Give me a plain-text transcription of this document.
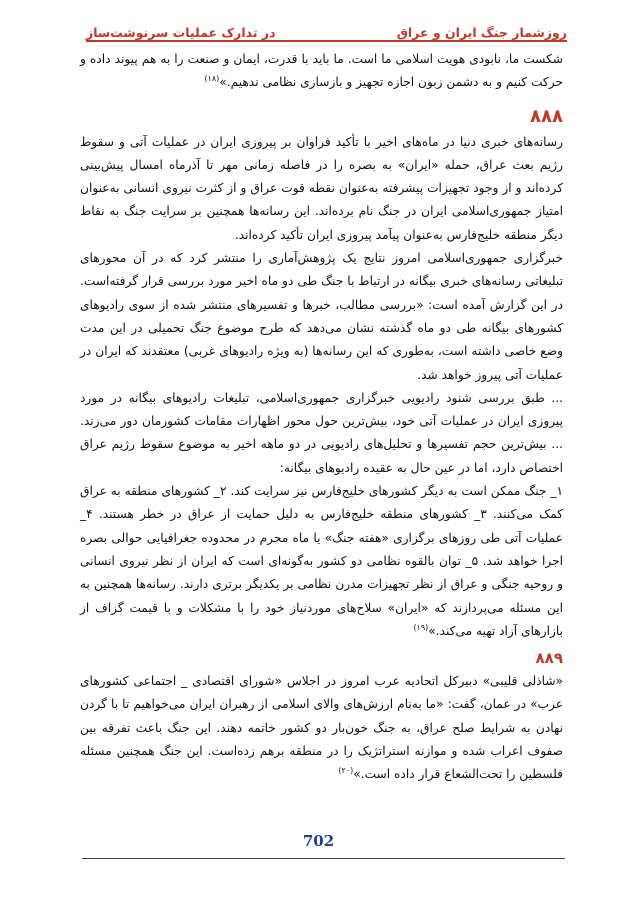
روزشمار جنگ ایران و عراق
در تدارک عملیات سرنوشت‌ساز

شکست ما، نابودی هویت اسلامی ما است. ما باید با قدرت، ایمان و صنعت را به هم پیوند داده و حرکت کنیم و به دشمن زبون اجازه تجهیز و بازسازی نظامی ندهیم.»$^{(۱۸)}$

۸۸۸

رسانه‌های خبری دنیا در ماه‌های اخیر با تأکید فراوان بر پیروزی ایران در عملیات آتی و سقوط رژیم بعث عراق، حمله «ایران» به بصره را در فاصله زمانی مهر تا آذرماه امسال پیش‌بینی کرده‌اند و از وجود تجهیزات پیشرفته به‌عنوان نقطه قوت عراق و از کثرت نیروی انسانی به‌عنوان امتیاز جمهوری‌اسلامی ایران در جنگ نام برده‌اند. این رسانه‌ها همچنین بر سرایت جنگ به نقاط دیگر منطقه خلیج‌فارس به‌عنوان پیآمد پیروزی ایران تأکید کرده‌اند.

خبرگزاری جمهوری‌اسلامی امروز نتایج یک پژوهش‌آماری را منتشر کرد که در آن محورهای تبلیغاتی رسانه‌های خبری بیگانه در ارتباط با جنگ طی دو ماه اخیر مورد بررسی قرار گرفته‌است. در این گزارش آمده است: «بررسی مطالب، خبرها و تفسیرهای منتشر شده از سوی رادیوهای کشورهای بیگانه طی دو ماه گذشته نشان می‌دهد که طرح موضوع جنگ تحمیلی در این مدت وضع خاصی داشته است، به‌طوری که این رسانه‌ها (به ویژه رادیوهای غربی) معتقدند که ایران در عملیات آتی پیروز خواهد شد.

... طبق بررسی شنود رادیویی خبرگزاری جمهوری‌اسلامی، تبلیغات رادیوهای بیگانه در مورد پیروزی ایران در عملیات آتی خود، بیش‌ترین حول محور اظهارات مقامات کشورمان دور می‌زند. ... بیش‌ترین حجم تفسیرها و تحلیل‌های رادیویی در دو ماهه اخیر به موضوع سقوط رژیم عراق اختصاص دارد، اما در عین حال به عقیده رادیوهای بیگانه:

۱_ جنگ ممکن است به دیگر کشورهای خلیج‌فارس نیز سرایت کند. ۲_ کشورهای منطقه به عراق کمک می‌کنند. ۳_ کشورهای منطقه خلیج‌فارس به دلیل حمایت از عراق در خطر هستند. ۴_ عملیات آتی طی روزهای برگزاری «هفته جنگ» یا ماه محرم در محدوده جغرافیایی حوالی بصره اجرا خواهد شد. ۵_ توان بالقوه نظامی دو کشور به‌گونه‌ای است که ایران از نظر نیروی انسانی و روحیه جنگی و عراق از نظر تجهیزات مدرن نظامی بر یکدیگر برتری دارند. رسانه‌ها همچنین به این مسئله می‌پردازند که «ایران» سلاح‌های موردنیاز خود را با مشکلات و با قیمت گزاف از بازارهای آزاد تهیه می‌کند.»$^{(۱۹)}$

۸۸۹

«شاذلی قلیبی» دبیرکل اتحادیه عرب امروز در اجلاس «شورای اقتصادی _ اجتماعی کشورهای عرب» در عمان، گفت: «ما به‌نام ارزش‌های والای اسلامی از رهبران ایران می‌خواهیم تا با گردن نهادن به شرایط صلح عراق، به جنگ خون‌بار دو کشور خاتمه دهند. این جنگ باعث تفرقه بین صفوف اعراب شده و موازنه استراتژیک را در منطقه برهم زده‌است. این جنگ همچنین مسئله فلسطین را تحت‌الشعاع قرار داده است.»$^{(۲۰)}$

702
